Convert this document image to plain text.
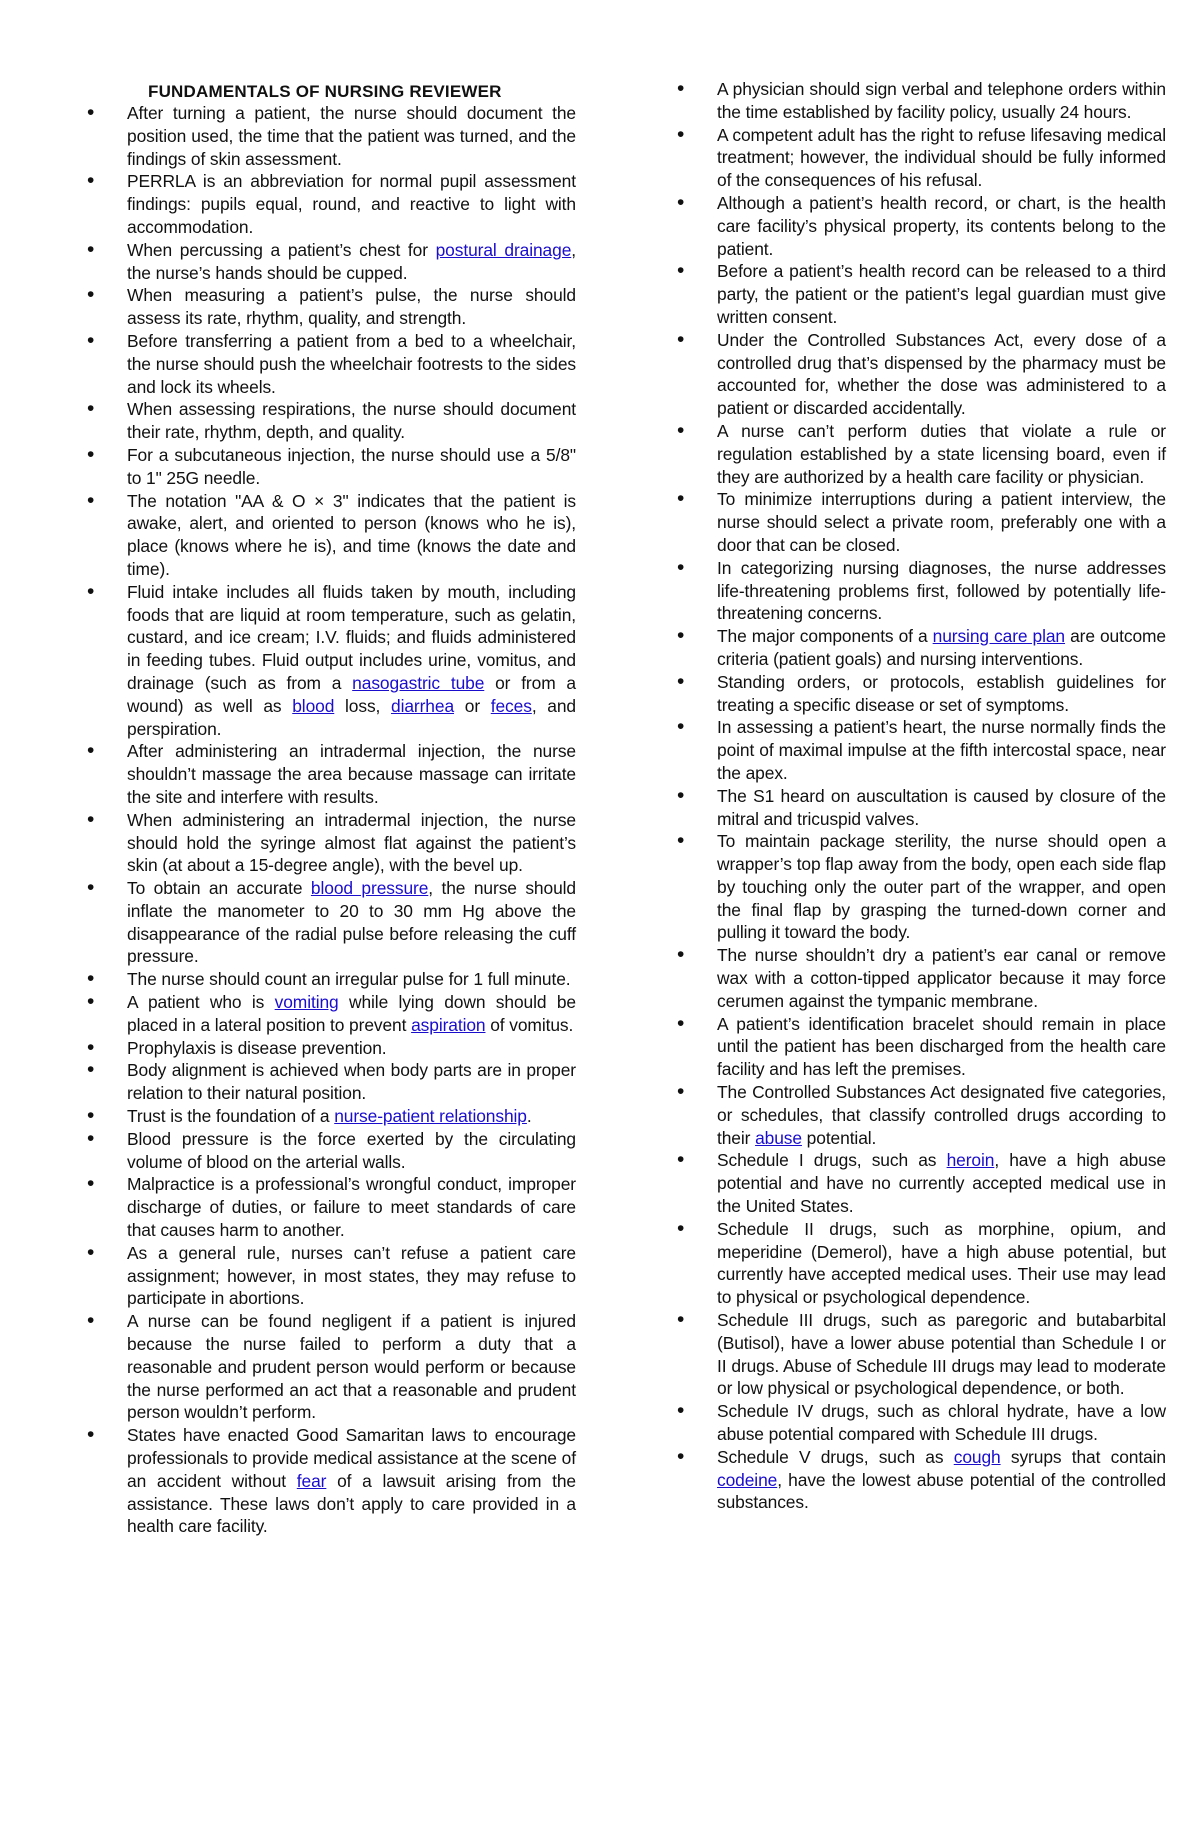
FUNDAMENTALS OF NURSING REVIEWER
• After turning a patient, the nurse should document the position used, the time that the patient was turned, and the findings of skin assessment.
• PERRLA is an abbreviation for normal pupil assessment findings: pupils equal, round, and reactive to light with accommodation.
• When percussing a patient’s chest for postural drainage, the nurse’s hands should be cupped.
• When measuring a patient’s pulse, the nurse should assess its rate, rhythm, quality, and strength.
• Before transferring a patient from a bed to a wheelchair, the nurse should push the wheelchair footrests to the sides and lock its wheels.
• When assessing respirations, the nurse should document their rate, rhythm, depth, and quality.
• For a subcutaneous injection, the nurse should use a 5/8" to 1" 25G needle.
• The notation "AA & O × 3" indicates that the patient is awake, alert, and oriented to person (knows who he is), place (knows where he is), and time (knows the date and time).
• Fluid intake includes all fluids taken by mouth, including foods that are liquid at room temperature, such as gelatin, custard, and ice cream; I.V. fluids; and fluids administered in feeding tubes. Fluid output includes urine, vomitus, and drainage (such as from a nasogastric tube or from a wound) as well as blood loss, diarrhea or feces, and perspiration.
• After administering an intradermal injection, the nurse shouldn’t massage the area because massage can irritate the site and interfere with results.
• When administering an intradermal injection, the nurse should hold the syringe almost flat against the patient’s skin (at about a 15-degree angle), with the bevel up.
• To obtain an accurate blood pressure, the nurse should inflate the manometer to 20 to 30 mm Hg above the disappearance of the radial pulse before releasing the cuff pressure.
• The nurse should count an irregular pulse for 1 full minute.
• A patient who is vomiting while lying down should be placed in a lateral position to prevent aspiration of vomitus.
• Prophylaxis is disease prevention.
• Body alignment is achieved when body parts are in proper relation to their natural position.
• Trust is the foundation of a nurse-patient relationship.
• Blood pressure is the force exerted by the circulating volume of blood on the arterial walls.
• Malpractice is a professional’s wrongful conduct, improper discharge of duties, or failure to meet standards of care that causes harm to another.
• As a general rule, nurses can’t refuse a patient care assignment; however, in most states, they may refuse to participate in abortions.
• A nurse can be found negligent if a patient is injured because the nurse failed to perform a duty that a reasonable and prudent person would perform or because the nurse performed an act that a reasonable and prudent person wouldn’t perform.
• States have enacted Good Samaritan laws to encourage professionals to provide medical assistance at the scene of an accident without fear of a lawsuit arising from the assistance. These laws don’t apply to care provided in a health care facility.
• A physician should sign verbal and telephone orders within the time established by facility policy, usually 24 hours.
• A competent adult has the right to refuse lifesaving medical treatment; however, the individual should be fully informed of the consequences of his refusal.
• Although a patient’s health record, or chart, is the health care facility’s physical property, its contents belong to the patient.
• Before a patient’s health record can be released to a third party, the patient or the patient’s legal guardian must give written consent.
• Under the Controlled Substances Act, every dose of a controlled drug that’s dispensed by the pharmacy must be accounted for, whether the dose was administered to a patient or discarded accidentally.
• A nurse can’t perform duties that violate a rule or regulation established by a state licensing board, even if they are authorized by a health care facility or physician.
• To minimize interruptions during a patient interview, the nurse should select a private room, preferably one with a door that can be closed.
• In categorizing nursing diagnoses, the nurse addresses life-threatening problems first, followed by potentially life-threatening concerns.
• The major components of a nursing care plan are outcome criteria (patient goals) and nursing interventions.
• Standing orders, or protocols, establish guidelines for treating a specific disease or set of symptoms.
• In assessing a patient’s heart, the nurse normally finds the point of maximal impulse at the fifth intercostal space, near the apex.
• The S1 heard on auscultation is caused by closure of the mitral and tricuspid valves.
• To maintain package sterility, the nurse should open a wrapper’s top flap away from the body, open each side flap by touching only the outer part of the wrapper, and open the final flap by grasping the turned-down corner and pulling it toward the body.
• The nurse shouldn’t dry a patient’s ear canal or remove wax with a cotton-tipped applicator because it may force cerumen against the tympanic membrane.
• A patient’s identification bracelet should remain in place until the patient has been discharged from the health care facility and has left the premises.
• The Controlled Substances Act designated five categories, or schedules, that classify controlled drugs according to their abuse potential.
• Schedule I drugs, such as heroin, have a high abuse potential and have no currently accepted medical use in the United States.
• Schedule II drugs, such as morphine, opium, and meperidine (Demerol), have a high abuse potential, but currently have accepted medical uses. Their use may lead to physical or psychological dependence.
• Schedule III drugs, such as paregoric and butabarbital (Butisol), have a lower abuse potential than Schedule I or II drugs. Abuse of Schedule III drugs may lead to moderate or low physical or psychological dependence, or both.
• Schedule IV drugs, such as chloral hydrate, have a low abuse potential compared with Schedule III drugs.
• Schedule V drugs, such as cough syrups that contain codeine, have the lowest abuse potential of the controlled substances.
